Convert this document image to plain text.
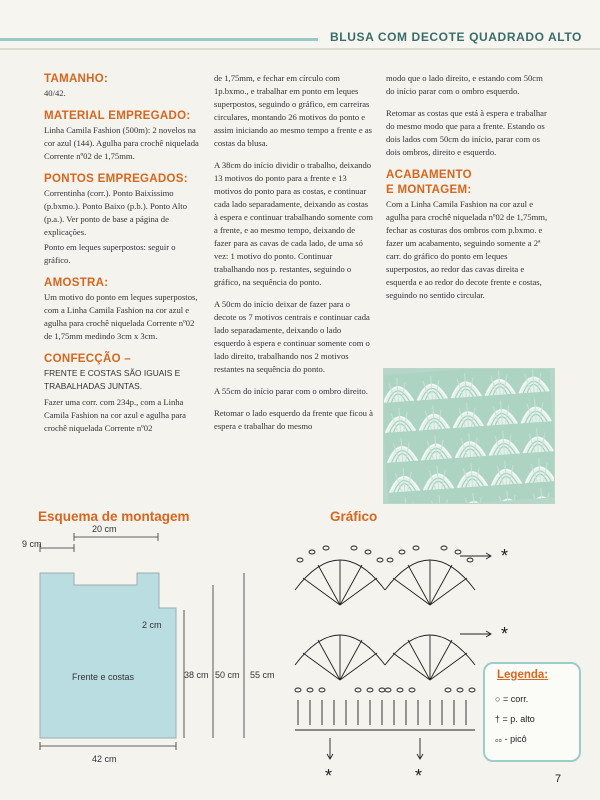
BLUSA COM DECOTE QUADRADO ALTO
TAMANHO:

40/42.

MATERIAL EMPREGADO:

Linha Camila Fashion (500m): 2 novelos na cor azul (144). Agulha para crochê niquelada Corrente nº02 de 1,75mm.

PONTOS EMPREGADOS:

Correntinha (corr.). Ponto Baixíssimo (p.bxmo.). Ponto Baixo (p.b.). Ponto Alto (p.a.). Ver ponto de base a página de explicações.

Ponto em leques superpostos: seguir o gráfico.

AMOSTRA:

Um motivo do ponto em leques superpostos, com a Linha Camila Fashion na cor azul e agulha para crochê niquelada Corrente nº02 de 1,75mm medindo 3cm x 3cm.

CONFECÇÃO –

FRENTE E COSTAS SÃO IGUAIS E TRABALHADAS JUNTAS.

Fazer uma corr. com 234p., com a Linha Camila Fashion na cor azul e agulha para crochê niquelada Corrente nº02

de 1,75mm, e fechar em círculo com 1p.bxmo., e trabalhar em ponto em leques superpostos, seguindo o gráfico, em carreiras circulares, montando 26 motivos do ponto e assim iniciando ao mesmo tempo a frente e as costas da blusa.

A 38cm do início dividir o trabalho, deixando 13 motivos do ponto para a frente e 13 motivos do ponto para as costas, e continuar cada lado separadamente, deixando as costas à espera e continuar trabalhando somente com a frente, e ao mesmo tempo, deixando de fazer para as cavas de cada lado, de uma só vez: 1 motivo do ponto. Continuar trabalhando nos p. restantes, seguindo o gráfico, na sequência do ponto.

A 50cm do início deixar de fazer para o decote os 7 motivos centrais e continuar cada lado separadamente, deixando o lado esquerdo à espera e continuar somente com o lado direito, trabalhando nos 2 motivos restantes na sequência do ponto.

A 55cm do início parar com o ombro direito.

Retomar o lado esquerdo da frente que ficou à espera e trabalhar do mesmo

modo que o lado direito, e estando com 50cm do início parar com o ombro esquerdo.

Retomar as costas que está à espera e trabalhar do mesmo modo que para a frente. Estando os dois lados com 50cm do início, parar com os dois ombros, direito e esquerdo.

ACABAMENTO
E MONTAGEM:

Com a Linha Camila Fashion na cor azul e agulha para crochê niquelada nº02 de 1,75mm, fechar as costuras dos ombros com p.bxmo. e fazer um acabamento, seguindo somente a 2ª carr. do gráfico do ponto em leques superpostos, ao redor das cavas direita e esquerda e ao redor do decote frente e costas, seguindo no sentido circular.

Esquema de montagem	Gráfico
20 cm
9 cm
2 cm
Frente e costas	38 cm 50 cm 55 cm
42 cm
*
*
*	*
Legenda:
○ = corr.
† = p. alto
ೲ - picô
7
